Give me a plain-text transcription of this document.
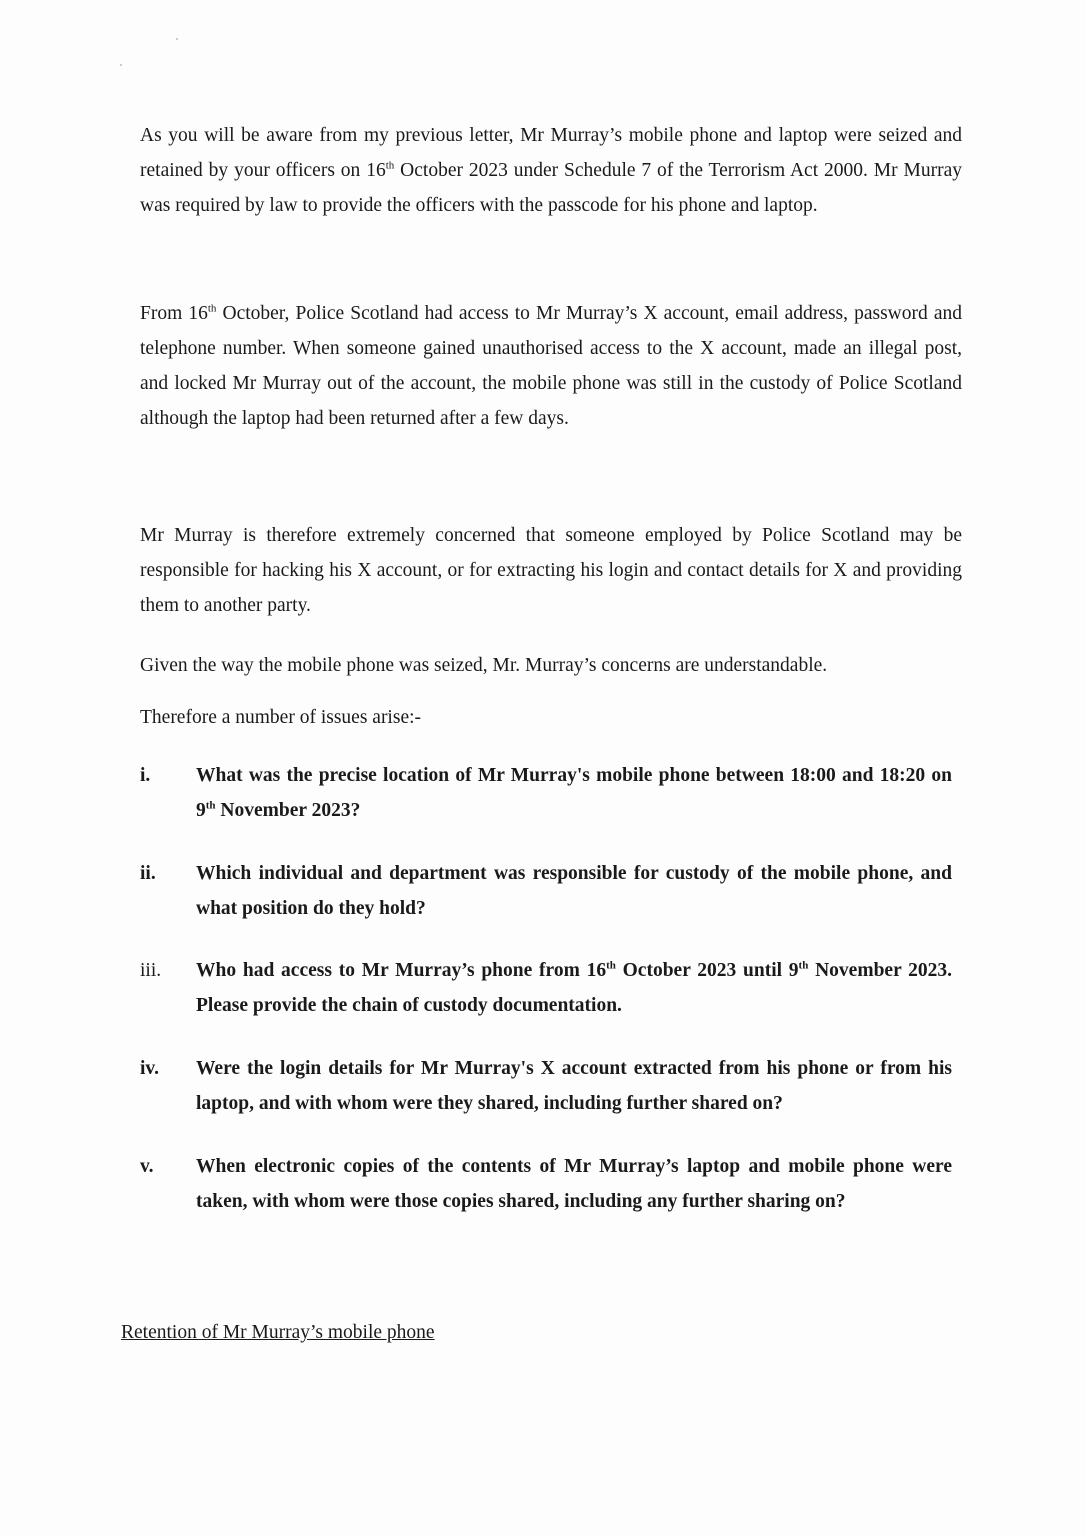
As you will be aware from my previous letter, Mr Murray’s mobile phone and laptop were seized and retained by your officers on 16th October 2023 under Schedule 7 of the Terrorism Act 2000. Mr Murray was required by law to provide the officers with the passcode for his phone and laptop.
From 16th October, Police Scotland had access to Mr Murray’s X account, email address, password and telephone number. When someone gained unauthorised access to the X account, made an illegal post, and locked Mr Murray out of the account, the mobile phone was still in the custody of Police Scotland although the laptop had been returned after a few days.
Mr Murray is therefore extremely concerned that someone employed by Police Scotland may be responsible for hacking his X account, or for extracting his login and contact details for X and providing them to another party.
Given the way the mobile phone was seized, Mr. Murray’s concerns are understandable.
Therefore a number of issues arise:-
i.	What was the precise location of Mr Murray's mobile phone between 18:00 and 18:20 on 9th November 2023?
ii.	Which individual and department was responsible for custody of the mobile phone, and what position do they hold?
iii.	Who had access to Mr Murray’s phone from 16th October 2023 until 9th November 2023. Please provide the chain of custody documentation.
iv.	Were the login details for Mr Murray's X account extracted from his phone or from his laptop, and with whom were they shared, including further shared on?
v.	When electronic copies of the contents of Mr Murray’s laptop and mobile phone were taken, with whom were those copies shared, including any further sharing on?
Retention of Mr Murray’s mobile phone
